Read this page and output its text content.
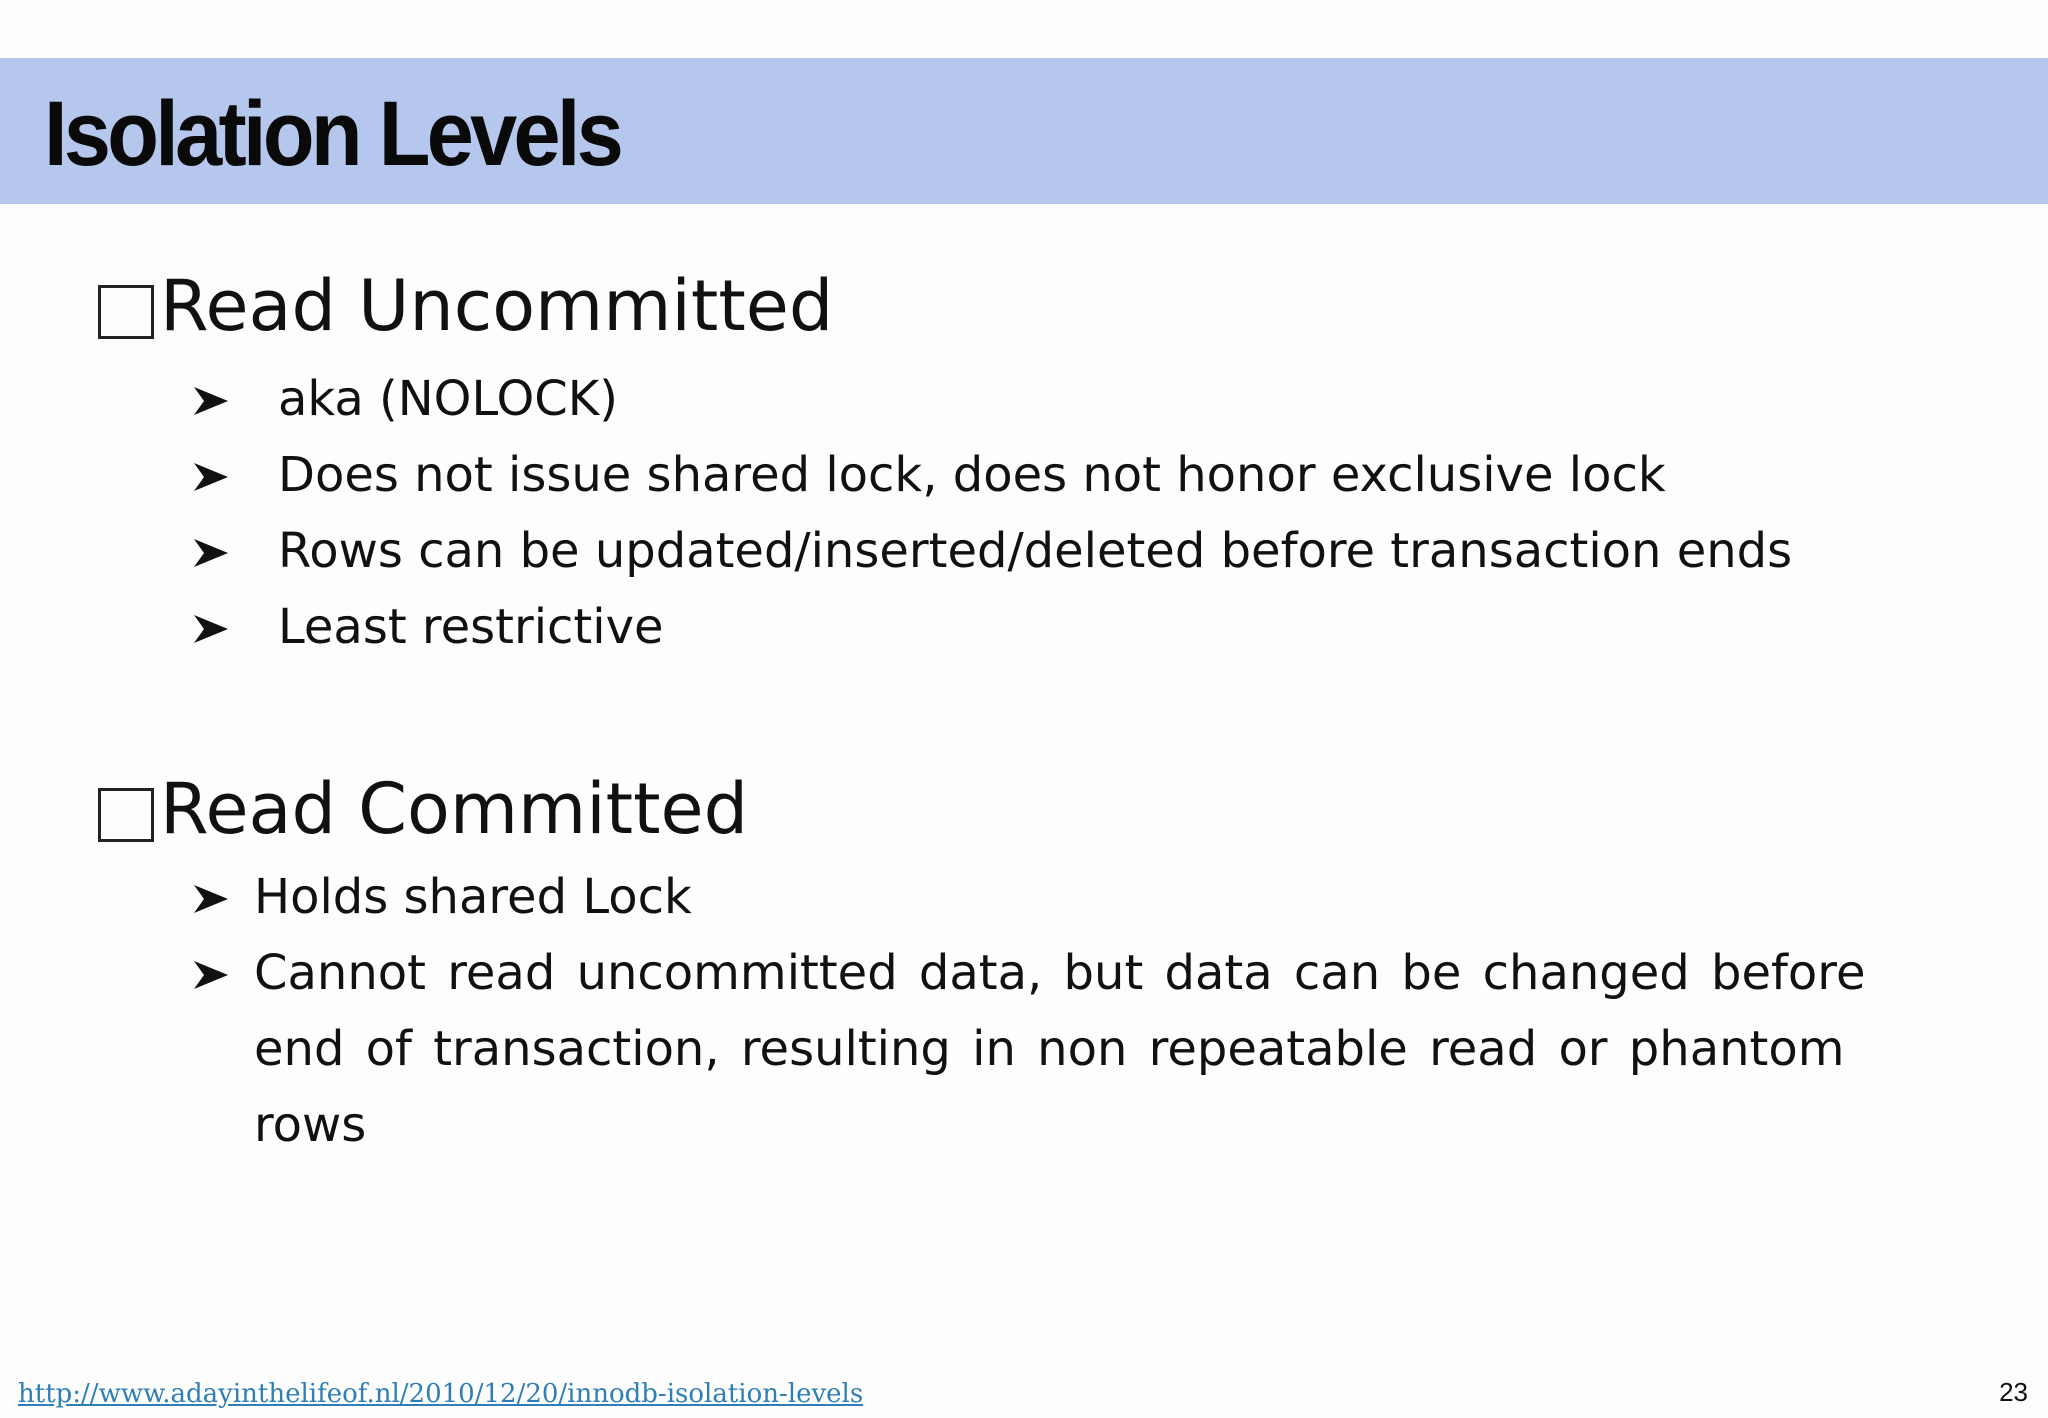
Isolation Levels
Read Uncommitted
aka (NOLOCK)
Does not issue shared lock, does not honor exclusive lock
Rows can be updated/inserted/deleted before transaction ends
Least restrictive
Read Committed
Holds shared Lock
Cannot read uncommitted data, but data can be changed before end of transaction, resulting in non repeatable read or phantom rows
http://www.adayinthelifeof.nl/2010/12/20/innodb-isolation-levels	23
